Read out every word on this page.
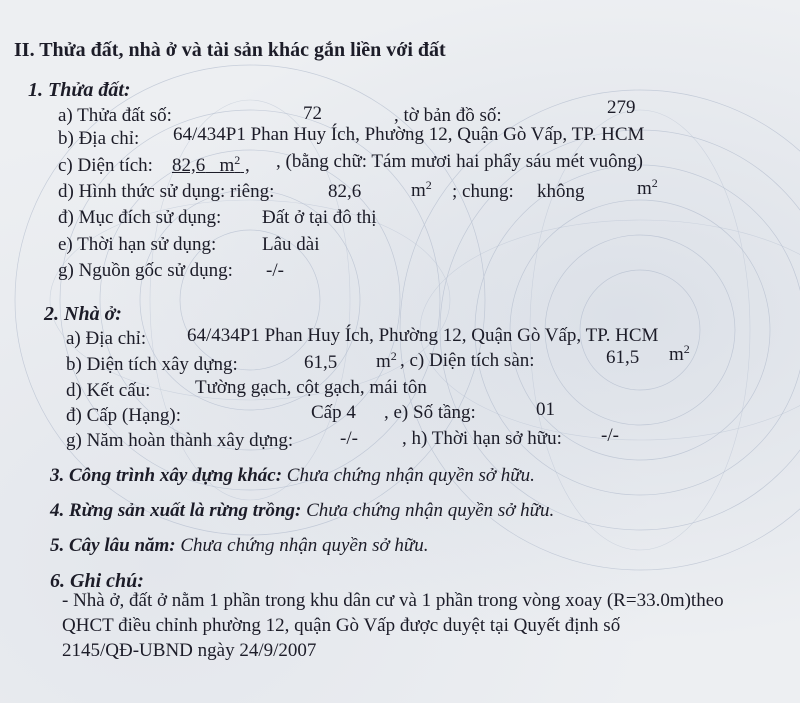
II. Thửa đất, nhà ở và tài sản khác gắn liền với đất
1. Thửa đất:
a) Thửa đất số:	72	, tờ bản đồ số:	279
b) Địa chỉ: 64/434P1 Phan Huy Ích, Phường 12, Quận Gò Vấp, TP. HCM
c) Diện tích: 82,6 $m^2$ , , (bằng chữ: Tám mươi hai phẩy sáu mét vuông)
d) Hình thức sử dụng: riêng:	82,6	$m^2$ ; chung: không	$m^2$
đ) Mục đích sử dụng: Đất ở tại đô thị
e) Thời hạn sử dụng: Lâu dài
g) Nguồn gốc sử dụng: -/-
2. Nhà ở:
a) Địa chỉ: 64/434P1 Phan Huy Ích, Phường 12, Quận Gò Vấp, TP. HCM
b) Diện tích xây dựng:	61,5 $m^2$ , c) Diện tích sàn:	61,5 $m^2$
d) Kết cấu: Tường gạch, cột gạch, mái tôn
đ) Cấp (Hạng):	Cấp 4 , e) Số tầng:	01
g) Năm hoàn thành xây dựng: -/- , h) Thời hạn sở hữu: -/-
3. Công trình xây dựng khác: Chưa chứng nhận quyền sở hữu.
4. Rừng sản xuất là rừng trồng: Chưa chứng nhận quyền sở hữu.
5. Cây lâu năm: Chưa chứng nhận quyền sở hữu.
6. Ghi chú:
- Nhà ở, đất ở nằm 1 phần trong khu dân cư và 1 phần trong vòng xoay (R=33.0m)theo
QHCT điều chỉnh phường 12, quận Gò Vấp được duyệt tại Quyết định số
2145/QĐ-UBND ngày 24/9/2007
